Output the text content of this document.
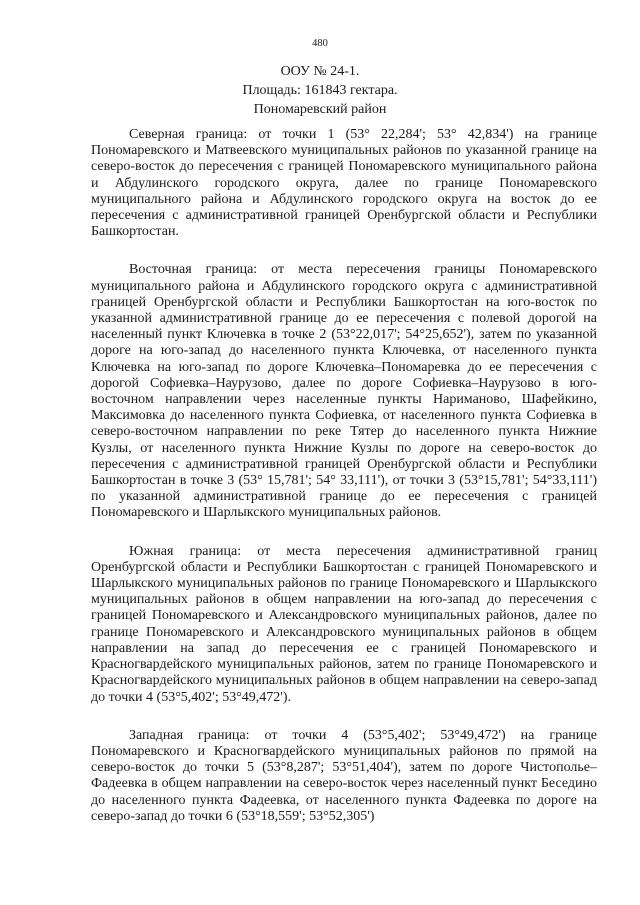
480
ООУ № 24-1.
Площадь: 161843 гектара.
Пономаревский район

Северная граница: от точки 1 (53° 22,284'; 53° 42,834') на границе Пономаревского и Матвеевского муниципальных районов по указанной границе на северо-восток до пересечения с границей Пономаревского муниципального района и Абдулинского городского округа, далее по границе Пономаревского муниципального района и Абдулинского городского округа на восток до ее пересечения с административной границей Оренбургской области и Республики Башкортостан.

Восточная граница: от места пересечения границы Пономаревского муниципального района и Абдулинского городского округа с административной границей Оренбургской области и Республики Башкортостан на юго-восток по указанной административной границе до ее пересечения с полевой дорогой на населенный пункт Ключевка в точке 2 (53°22,017'; 54°25,652'), затем по указанной дороге на юго-запад до населенного пункта Ключевка, от населенного пункта Ключевка на юго-запад по дороге Ключевка–Пономаревка до ее пересечения с дорогой Софиевка–Наурузово, далее по дороге Софиевка–Наурузово в юго-восточном направлении через населенные пункты Нариманово, Шафейкино, Максимовка до населенного пункта Софиевка, от населенного пункта Софиевка в северо-восточном направлении по реке Тятер до населенного пункта Нижние Кузлы, от населенного пункта Нижние Кузлы по дороге на северо-восток до пересечения с административной границей Оренбургской области и Республики Башкортостан в точке 3 (53° 15,781'; 54° 33,111'), от точки 3 (53°15,781'; 54°33,111') по указанной административной границе до ее пересечения с границей Пономаревского и Шарлыкского муниципальных районов.

Южная граница: от места пересечения административной границ Оренбургской области и Республики Башкортостан с границей Пономаревского и Шарлыкского муниципальных районов по границе Пономаревского и Шарлыкского муниципальных районов в общем направлении на юго-запад до пересечения с границей Пономаревского и Александровского муниципальных районов, далее по границе Пономаревского и Александровского муниципальных районов в общем направлении на запад до пересечения ее с границей Пономаревского и Красногвардейского муниципальных районов, затем по границе Пономаревского и Красногвардейского муниципальных районов в общем направлении на северо-запад до точки 4 (53°5,402'; 53°49,472').

Западная граница: от точки 4 (53°5,402'; 53°49,472') на границе Пономаревского и Красногвардейского муниципальных районов по прямой на северо-восток до точки 5 (53°8,287'; 53°51,404'), затем по дороге Чистополье–Фадеевка в общем направлении на северо-восток через населенный пункт Беседино до населенного пункта Фадеевка, от населенного пункта Фадеевка по дороге на северо-запад до точки 6 (53°18,559'; 53°52,305')
